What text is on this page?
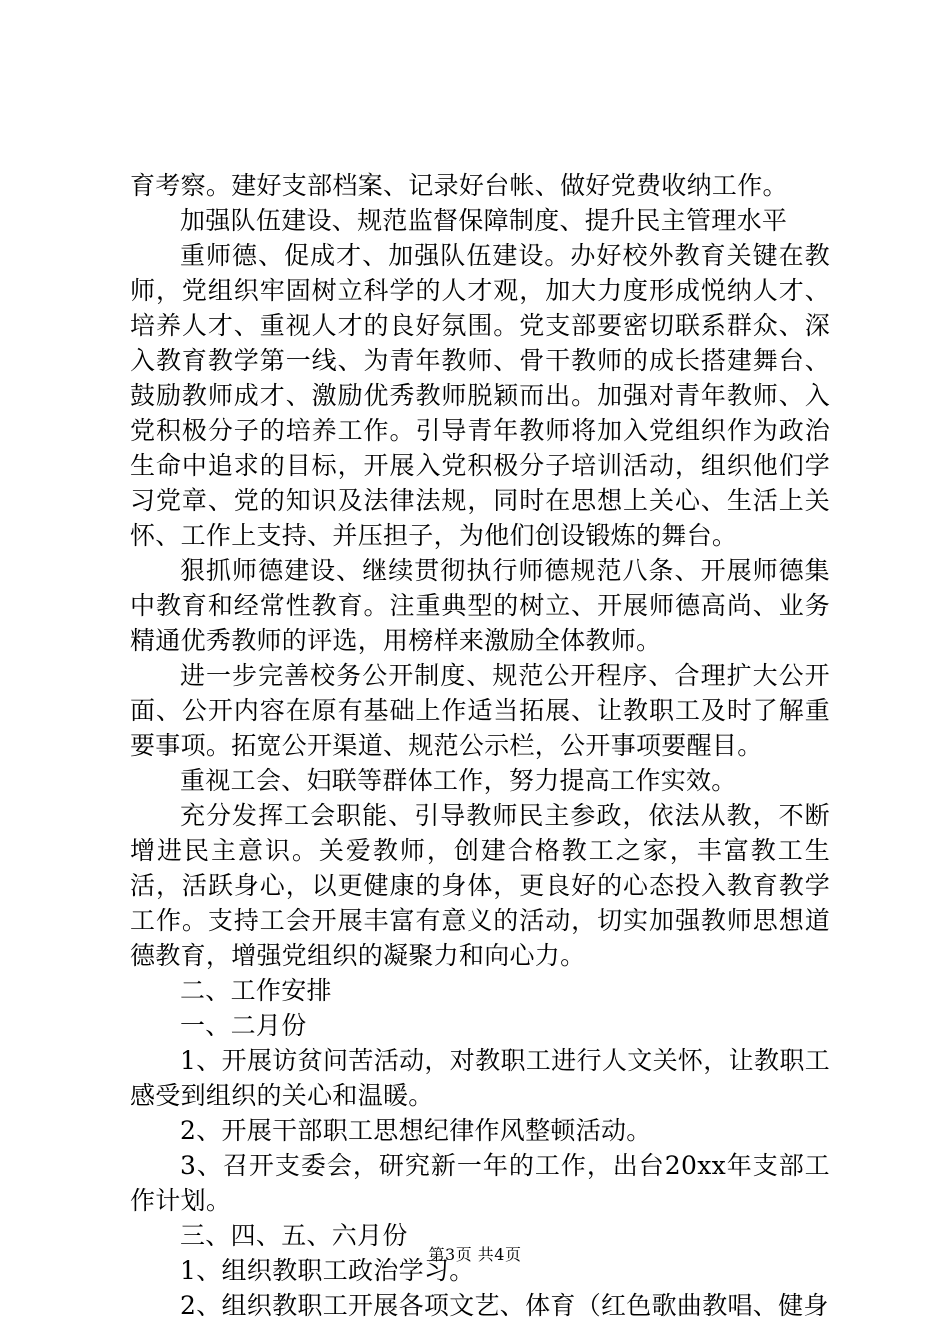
育考察。建好支部档案、记录好台帐、做好党费收纳工作。

加强队伍建设、规范监督保障制度、提升民主管理水平

重师德、促成才、加强队伍建设。办好校外教育关键在教师，党组织牢固树立科学的人才观，加大力度形成悦纳人才、培养人才、重视人才的良好氛围。党支部要密切联系群众、深入教育教学第一线、为青年教师、骨干教师的成长搭建舞台、鼓励教师成才、激励优秀教师脱颖而出。加强对青年教师、入党积极分子的培养工作。引导青年教师将加入党组织作为政治生命中追求的目标，开展入党积极分子培训活动，组织他们学习党章、党的知识及法律法规，同时在思想上关心、生活上关怀、工作上支持、并压担子，为他们创设锻炼的舞台。

狠抓师德建设、继续贯彻执行师德规范八条、开展师德集中教育和经常性教育。注重典型的树立、开展师德高尚、业务精通优秀教师的评选，用榜样来激励全体教师。

进一步完善校务公开制度、规范公开程序、合理扩大公开面、公开内容在原有基础上作适当拓展、让教职工及时了解重要事项。拓宽公开渠道、规范公示栏，公开事项要醒目。

重视工会、妇联等群体工作，努力提高工作实效。

充分发挥工会职能、引导教师民主参政，依法从教，不断增进民主意识。关爱教师，创建合格教工之家，丰富教工生活，活跃身心，以更健康的身体，更良好的心态投入教育教学工作。支持工会开展丰富有意义的活动，切实加强教师思想道德教育，增强党组织的凝聚力和向心力。

二、工作安排

一、二月份

1、开展访贫问苦活动，对教职工进行人文关怀，让教职工感受到组织的关心和温暖。

2、开展干部职工思想纪律作风整顿活动。

3、召开支委会，研究新一年的工作，出台20xx年支部工作计划。

三、四、五、六月份

1、组织教职工政治学习。

2、组织教职工开展各项文艺、体育（红色歌曲教唱、健身

第3页 共4页
